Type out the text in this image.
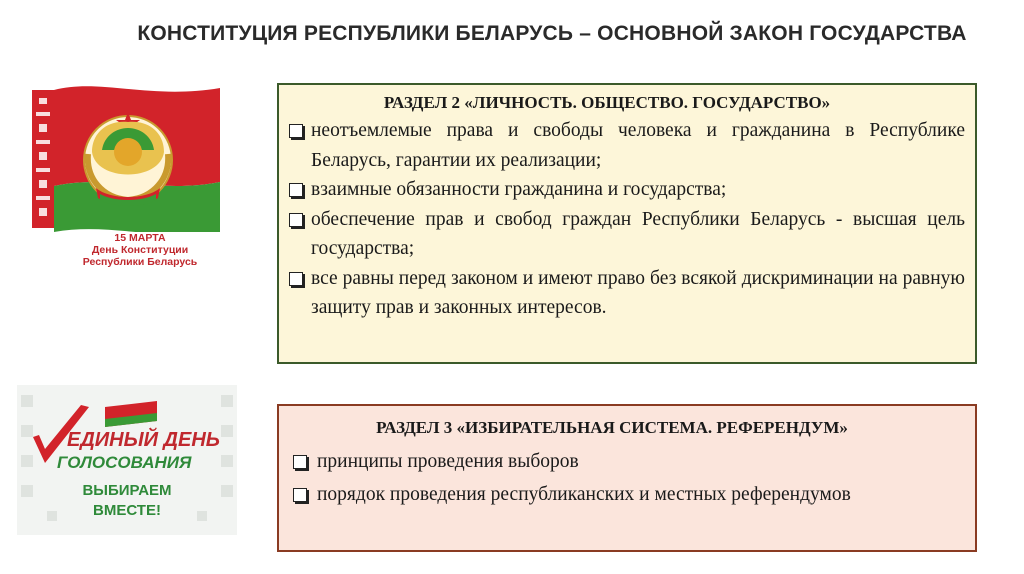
КОНСТИТУЦИЯ РЕСПУБЛИКИ БЕЛАРУСЬ – ОСНОВНОЙ ЗАКОН ГОСУДАРСТВА
15 МАРТА
День Конституции
Республики Беларусь
ЕДИНЫЙ ДЕНЬ
ГОЛОСОВАНИЯ
ВЫБИРАЕМ
ВМЕСТЕ!
РАЗДЕЛ 2 «ЛИЧНОСТЬ. ОБЩЕСТВО. ГОСУДАРСТВО»
неотъемлемые права и свободы человека и гражданина в Республике Беларусь, гарантии их реализации;
взаимные обязанности гражданина и государства;
обеспечение прав и свобод граждан Республики Беларусь - высшая цель государства;
все равны перед законом и имеют право без всякой дискриминации на равную защиту прав и законных интересов.
РАЗДЕЛ 3 «ИЗБИРАТЕЛЬНАЯ СИСТЕМА. РЕФЕРЕНДУМ»
принципы проведения выборов
порядок проведения республиканских и местных референдумов
